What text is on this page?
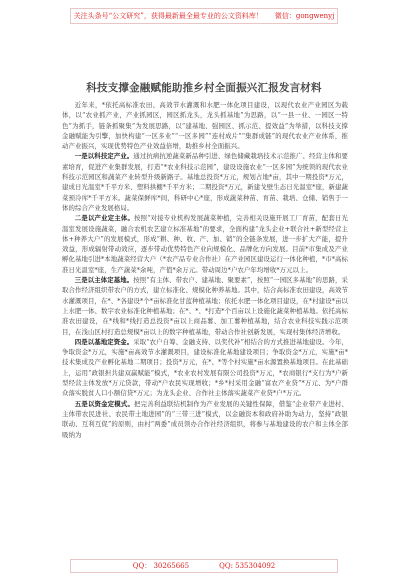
关注头条号“公文研究”，获得最新最全最专业的公文资料库！ 微信：gongwenyj
科技支撑金融赋能助推乡村全面振兴汇报发言材料

近年来，*依托高标准农田、高效节水灌溉和水肥一体化项目建设，以现代农业产业园区为载体，以“农业抓产业，产业抓园区，园区抓龙头，龙头抓基地”为思路，以“一县一业、一园区一特色”为抓手，链条抓聚集”为发展思路，以“建基地、强园区、抓示范、提效益”为举措，以科技支撑金融赋能为引擎，加快构建“一区多业”“一区多园”“连村成片”“集群成链”的现代农业产业体系，推动产业振兴，实现优势特色产业效益倍增，助推乡村全面振兴。

一是以科技定产业。通过抗病抗逆蔬菜新品种引进、绿色储藏栽培技术示范推广、经营主体和要素培育，促进产业集群发展，打造“*农业科技示范园”，建设设施农业“一区多园”为统领的现代农业科技示范园区和蔬菜产业转型升级新路子。基地总投资*万元，规划占地*亩，其中一期投资*万元，建成日光温室*千平方米、塑料拱棚*千平方米；二期投资*万元，新建戈壁生态日光温室*座，新建蔬菜预冷库*千平方米。蔬菜保鲜库*间，科研中心*座，形成蔬菜种苗、育苗、栽培、仓储、销售于一体的综合产业发展格局。

二是以产业定主体。按照“对接专业机构发展蔬菜种植，完善相关设施开展工厂育苗，配套日光温室发展设施蔬菜，融合农机农艺建立标准基地”的要求，全面构建“龙头企业+联合社+新型经营主体+种养大户”的发展模式，形成“耕、种、收、产、加、销”的全链条发展，进一步扩大产能，提升效益，形成辐射带动效应，逐步带动优势特色产业向规模化、品牌化方向发展。目前*市集成及产业孵化基地引进*本地蔬菜经营大户（*农产品专业合作社）在产业园区建设运行一体化种植，*市*高标准日光温室*座，生产蔬菜*余吨，产值*余万元。带动周边*户农户年均增收*万元以上。

三是以主体定基地。按照“有主体、带农户、建基地、聚要素”，按照“一园区多基地”的思路，采取合作经济组织带农户的方式，建立标准化、规模化种养基地。其中，结合高标准农田建设，高效节水灌溉项目，在*、*各建设*个*亩标准化甘蓝种植基地；依托水肥一体化项目建设，在*村建设*亩以上水肥一体、数字农业标准化种植基地；在*、*、*打造*个百亩以上设施化蔬菜种植基地。依托高标准农田建设，在*线和*线打造总投资*亩以上商品薯、加工薯种植基地，结合农业科技实践示范项目，在浅山区村打造总规模*亩以上的数字种植基地，带动合作社创新发展，实现村集体经济增收。

四是以基地定资金。采取“农户自筹、金融支持、以奖代补”相结合的方式推进基地建设。今年，争取资金*万元，实施*亩高效节水灌溉项目，建设标准化基地建设项目；争取资金*万元，实施*亩*技术集成及产业孵化基地二期项目；投资*万元，在*、*等个村实施*亩水源置换基地项目。在此基础上，运用“政银担共建双赢赋能”模式，*农业农村发展有限公司投资*万元，*农商银行*支行为*户新型经营主体发放*万元贷款，带动*户农民实现增收；*乡*村采用金融“富农产业贷”*万元、为*户群众落实脱贫人口小额信贷*万元；为龙头企业、合作社主体落实蔬菜产业贷*户*万元。

五是以资金定模式。把完善利益联结机制作为产业发展的关键性保障，借鉴“企业带产业进村、主体带农民进社、农民带土地进园”的“三带三进”模式，以金融资本和政府补助为动力，坚持“政银联动、互利互促”的原则，由村“两委”成员领办合作社经济组织，将参与基地建设的农户和主体全部吸纳为

QQ： 30265665	QQ: 535304092
